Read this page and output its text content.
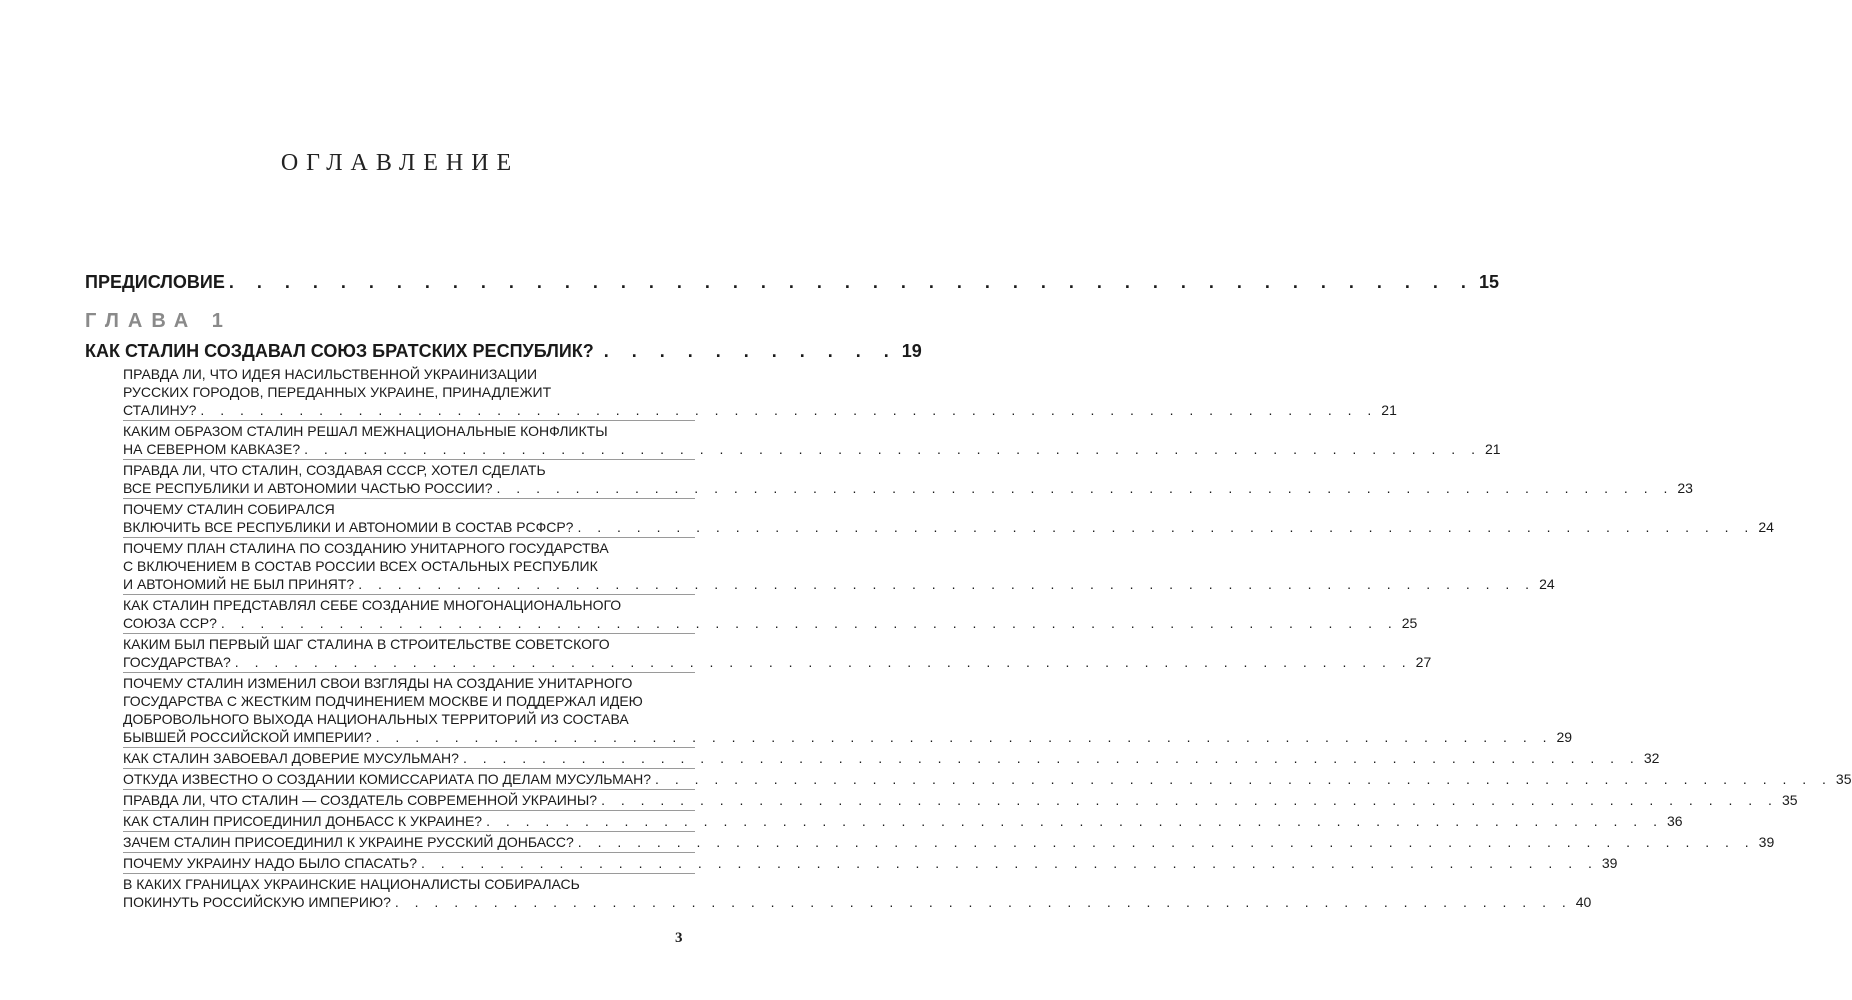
ОГЛАВЛЕНИЕ
ПРЕДИСЛОВИЕ . . . . . . . . . . . . . . . . . . . . . . . . . . . . . . . . . . . . . . . . . . . . . 15
ГЛАВА 1
КАК СТАЛИН СОЗДАВАЛ СОЮЗ БРАТСКИХ РЕСПУБЛИК? . . . . . . . . . . . 19
ПРАВДА ЛИ, ЧТО ИДЕЯ НАСИЛЬСТВЕННОЙ УКРАИНИЗАЦИИ
РУССКИХ ГОРОДОВ, ПЕРЕДАННЫХ УКРАИНЕ, ПРИНАДЛЕЖИТ
СТАЛИНУ? . . . . . . . . . . . . . . . . . . . . . . . . . . . . . . . . . . . . . . . . . . . . . . . . . . . . . . . . . . . . 21
КАКИМ ОБРАЗОМ СТАЛИН РЕШАЛ МЕЖНАЦИОНАЛЬНЫЕ КОНФЛИКТЫ
НА СЕВЕРНОМ КАВКАЗЕ? . . . . . . . . . . . . . . . . . . . . . . . . . . . . . . . . . . . . . . . . . . . . . . . . . . . . . . . . . . . . 21
ПРАВДА ЛИ, ЧТО СТАЛИН, СОЗДАВАЯ СССР, ХОТЕЛ СДЕЛАТЬ
ВСЕ РЕСПУБЛИКИ И АВТОНОМИИ ЧАСТЬЮ РОССИИ? . . . . . . . . . . . . . . . . . . . . . . . . . . . . . . . . . . . . . . . . . . . . . . . . . . . . . . . . . . . . 23
ПОЧЕМУ СТАЛИН СОБИРАЛСЯ
ВКЛЮЧИТЬ ВСЕ РЕСПУБЛИКИ И АВТОНОМИИ В СОСТАВ РСФСР? . . . . . . . . . . . . . . . . . . . . . . . . . . . . . . . . . . . . . . . . . . . . . . . . . . . . . . . . . . . . 24
ПОЧЕМУ ПЛАН СТАЛИНА ПО СОЗДАНИЮ УНИТАРНОГО ГОСУДАРСТВА
С ВКЛЮЧЕНИЕМ В СОСТАВ РОССИИ ВСЕХ ОСТАЛЬНЫХ РЕСПУБЛИК
И АВТОНОМИЙ НЕ БЫЛ ПРИНЯТ? . . . . . . . . . . . . . . . . . . . . . . . . . . . . . . . . . . . . . . . . . . . . . . . . . . . . . . . . . . . . 24
КАК СТАЛИН ПРЕДСТАВЛЯЛ СЕБЕ СОЗДАНИЕ МНОГОНАЦИОНАЛЬНОГО
СОЮЗА ССР? . . . . . . . . . . . . . . . . . . . . . . . . . . . . . . . . . . . . . . . . . . . . . . . . . . . . . . . . . . . . 25
КАКИМ БЫЛ ПЕРВЫЙ ШАГ СТАЛИНА В СТРОИТЕЛЬСТВЕ СОВЕТСКОГО
ГОСУДАРСТВА? . . . . . . . . . . . . . . . . . . . . . . . . . . . . . . . . . . . . . . . . . . . . . . . . . . . . . . . . . . . . 27
ПОЧЕМУ СТАЛИН ИЗМЕНИЛ СВОИ ВЗГЛЯДЫ НА СОЗДАНИЕ УНИТАРНОГО
ГОСУДАРСТВА С ЖЕСТКИМ ПОДЧИНЕНИЕМ МОСКВЕ И ПОДДЕРЖАЛ ИДЕЮ
ДОБРОВОЛЬНОГО ВЫХОДА НАЦИОНАЛЬНЫХ ТЕРРИТОРИЙ ИЗ СОСТАВА
БЫВШЕЙ РОССИЙСКОЙ ИМПЕРИИ? . . . . . . . . . . . . . . . . . . . . . . . . . . . . . . . . . . . . . . . . . . . . . . . . . . . . . . . . . . . . 29
КАК СТАЛИН ЗАВОЕВАЛ ДОВЕРИЕ МУСУЛЬМАН? . . . . . . . . . . . . . . . . . . . . . . . . . . . . . . . . . . . . . . . . . . . . . . . . . . . . . . . . . . . . 32
ОТКУДА ИЗВЕСТНО О СОЗДАНИИ КОМИССАРИАТА ПО ДЕЛАМ МУСУЛЬМАН? . . . . . . . . . . . . . . . . . . . . . . . . . . . . . . . . . . . . . . . . . . . . . . . . . . . . . . . . . . . . 35
ПРАВДА ЛИ, ЧТО СТАЛИН — СОЗДАТЕЛЬ СОВРЕМЕННОЙ УКРАИНЫ? . . . . . . . . . . . . . . . . . . . . . . . . . . . . . . . . . . . . . . . . . . . . . . . . . . . . . . . . . . . . 35
КАК СТАЛИН ПРИСОЕДИНИЛ ДОНБАСС К УКРАИНЕ? . . . . . . . . . . . . . . . . . . . . . . . . . . . . . . . . . . . . . . . . . . . . . . . . . . . . . . . . . . . . 36
ЗАЧЕМ СТАЛИН ПРИСОЕДИНИЛ К УКРАИНЕ РУССКИЙ ДОНБАСС? . . . . . . . . . . . . . . . . . . . . . . . . . . . . . . . . . . . . . . . . . . . . . . . . . . . . . . . . . . . . 39
ПОЧЕМУ УКРАИНУ НАДО БЫЛО СПАСАТЬ? . . . . . . . . . . . . . . . . . . . . . . . . . . . . . . . . . . . . . . . . . . . . . . . . . . . . . . . . . . . . 39
В КАКИХ ГРАНИЦАХ УКРАИНСКИЕ НАЦИОНАЛИСТЫ СОБИРАЛАСЬ
ПОКИНУТЬ РОССИЙСКУЮ ИМПЕРИЮ? . . . . . . . . . . . . . . . . . . . . . . . . . . . . . . . . . . . . . . . . . . . . . . . . . . . . . . . . . . . . 40
3
